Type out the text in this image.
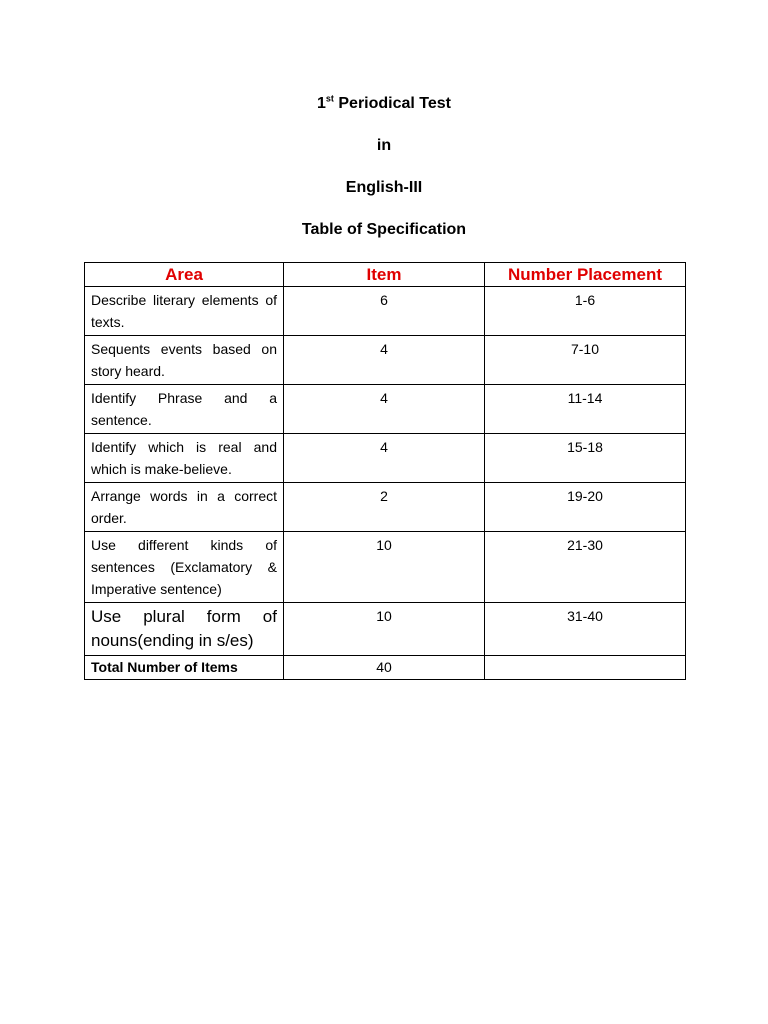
1st Periodical Test
in
English-III
Table of Specification
Area	Item	Number Placement
Describe literary elements of texts.	6	1-6
Sequents events based on story heard.	4	7-10
Identify Phrase and a sentence.	4	11-14
Identify which is real and which is make-believe.	4	15-18
Arrange words in a correct order.	2	19-20
Use different kinds of sentences (Exclamatory & Imperative sentence)	10	21-30
Use plural form of nouns(ending in s/es)	10	31-40
Total Number of Items	40	
